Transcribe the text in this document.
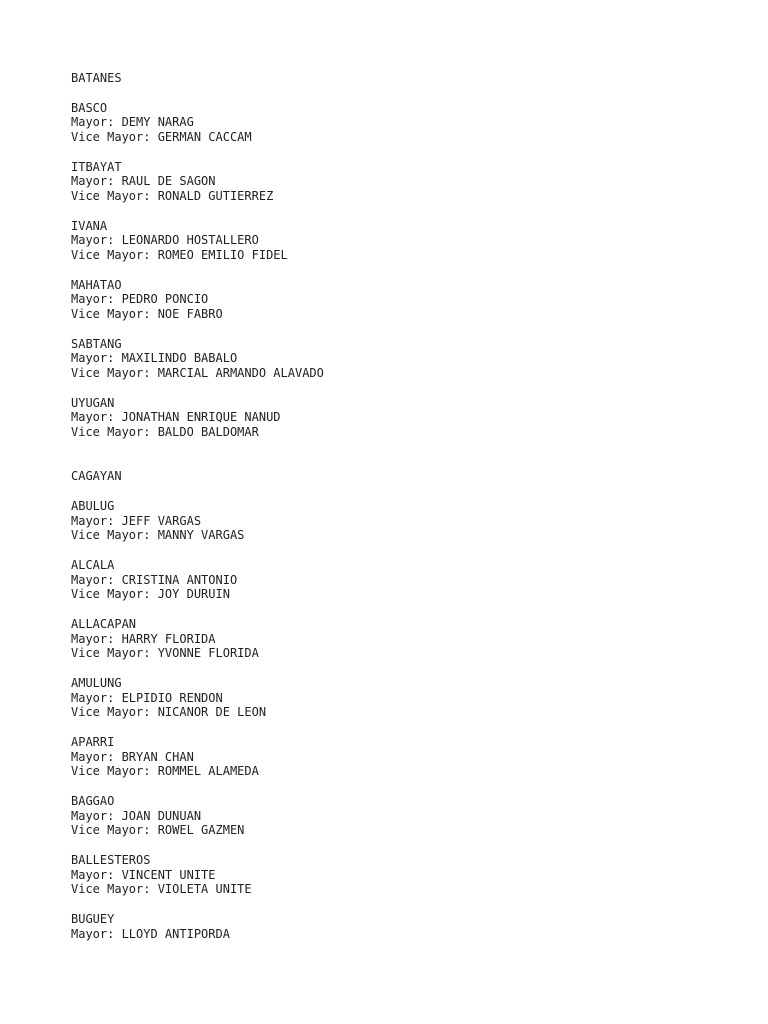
BATANES
BASCO
Mayor: DEMY NARAG
Vice Mayor: GERMAN CACCAM
ITBAYAT
Mayor: RAUL DE SAGON
Vice Mayor: RONALD GUTIERREZ
IVANA
Mayor: LEONARDO HOSTALLERO
Vice Mayor: ROMEO EMILIO FIDEL
MAHATAO
Mayor: PEDRO PONCIO
Vice Mayor: NOE FABRO
SABTANG
Mayor: MAXILINDO BABALO
Vice Mayor: MARCIAL ARMANDO ALAVADO
UYUGAN
Mayor: JONATHAN ENRIQUE NANUD
Vice Mayor: BALDO BALDOMAR
CAGAYAN
ABULUG
Mayor: JEFF VARGAS
Vice Mayor: MANNY VARGAS
ALCALA
Mayor: CRISTINA ANTONIO
Vice Mayor: JOY DURUIN
ALLACAPAN
Mayor: HARRY FLORIDA
Vice Mayor: YVONNE FLORIDA
AMULUNG
Mayor: ELPIDIO RENDON
Vice Mayor: NICANOR DE LEON
APARRI
Mayor: BRYAN CHAN
Vice Mayor: ROMMEL ALAMEDA
BAGGAO
Mayor: JOAN DUNUAN
Vice Mayor: ROWEL GAZMEN
BALLESTEROS
Mayor: VINCENT UNITE
Vice Mayor: VIOLETA UNITE
BUGUEY
Mayor: LLOYD ANTIPORDA
